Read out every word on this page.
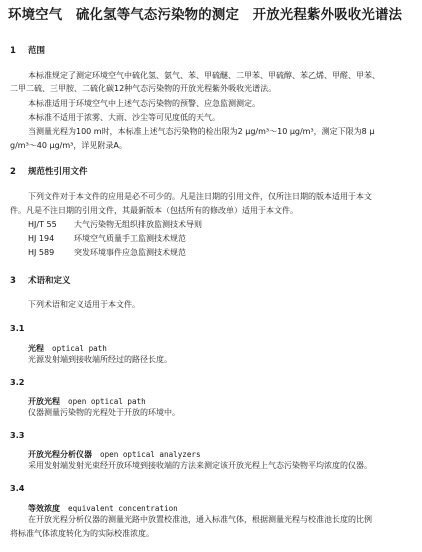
环境空气　硫化氢等气态污染物的测定　开放光程紫外吸收光谱法
1 范围
本标准规定了测定环境空气中硫化氢、氨气、苯、甲硫醚、二甲苯、甲硫醇、苯乙烯、甲醛、甲苯、
二甲二硫、三甲胺、二硫化碳12种气态污染物的开放光程紫外吸收光谱法。
本标准适用于环境空气中上述气态污染物的预警、应急监测测定。
本标准不适用于浓雾、大雨、沙尘等可见度低的天气。
当测量光程为100 m时，本标准上述气态污染物的检出限为2 μg/m³～10 μg/m³，测定下限为8 μ
g/m³～40 μg/m³，详见附录A。
2 规范性引用文件
下列文件对于本文件的应用是必不可少的。凡是注日期的引用文件，仅所注日期的版本适用于本文
件。凡是不注日期的引用文件，其最新版本（包括所有的修改单）适用于本文件。
HJ/T 55 大气污染物无组织排放监测技术导则
HJ 194 环境空气质量手工监测技术规范
HJ 589 突发环境事件应急监测技术规范
3 术语和定义
下列术语和定义适用于本文件。
3.1
光程 optical path
光源发射端到接收端所经过的路径长度。
3.2
开放光程 open optical path
仪器测量污染物的光程处于开放的环境中。
3.3
开放光程分析仪器 open optical analyzers
采用发射端发射光束经开放环境到接收端的方法来测定该开放光程上气态污染物平均浓度的仪器。
3.4
等效浓度 equivalent concentration
在开放光程分析仪器的测量光路中放置校准池，通入标准气体，根据测量光程与校准池长度的比例
将标准气体浓度转化为的实际校准浓度。
